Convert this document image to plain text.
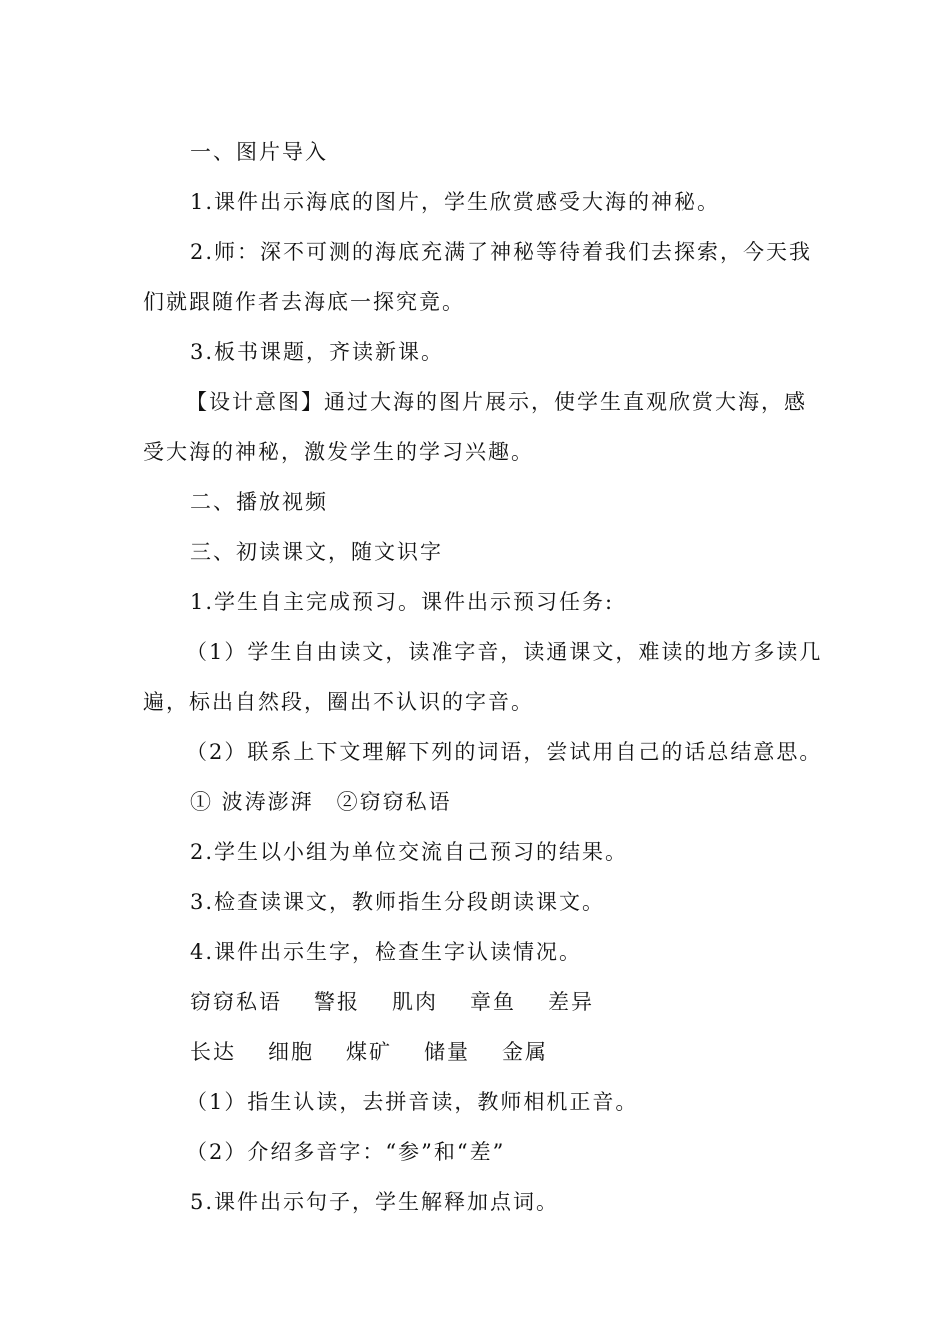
一、图片导入
1.课件出示海底的图片，学生欣赏感受大海的神秘。
2.师：深不可测的海底充满了神秘等待着我们去探索，今天我
们就跟随作者去海底一探究竟。
3.板书课题，齐读新课。
【设计意图】通过大海的图片展示，使学生直观欣赏大海，感
受大海的神秘，激发学生的学习兴趣。
二、播放视频
三、初读课文，随文识字
1.学生自主完成预习。课件出示预习任务:
（1）学生自由读文，读准字音，读通课文，难读的地方多读几
遍，标出自然段，圈出不认识的字音。
（2）联系上下文理解下列的词语，尝试用自己的话总结意思。
① 波涛澎湃　②窃窃私语
2.学生以小组为单位交流自己预习的结果。
3.检查读课文，教师指生分段朗读课文。
4.课件出示生字，检查生字认读情况。
窃窃私语 警报 肌肉 章鱼 差异
长达 细胞 煤矿 储量 金属
（1）指生认读，去拼音读，教师相机正音。
（2）介绍多音字：“参”和“差”
5.课件出示句子，学生解释加点词。
